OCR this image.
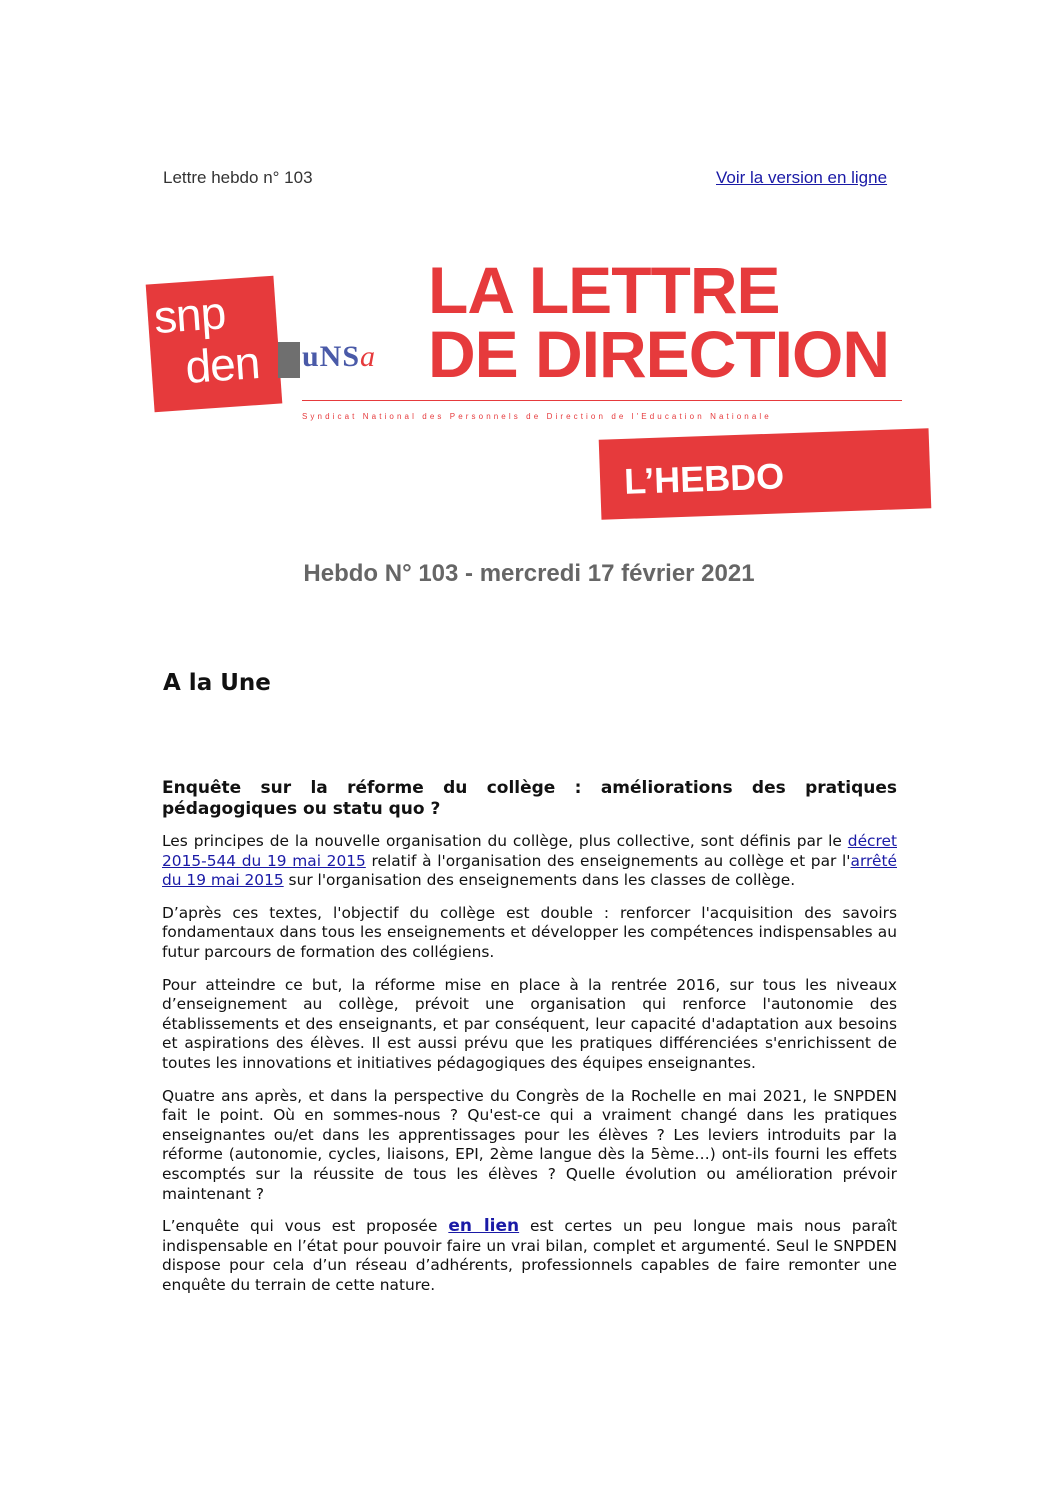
Lettre hebdo n° 103	Voir la version en ligne
snp
den uNSa
LA LETTRE
DE DIRECTION
Syndicat National des Personnels de Direction de l'Education Nationale
L’HEBDO
Hebdo N° 103 - mercredi 17 février 2021
A la Une
Enquête sur la réforme du collège : améliorations des pratiques pédagogiques ou statu quo ?

Les principes de la nouvelle organisation du collège, plus collective, sont définis par le décret 2015-544 du 19 mai 2015 relatif à l'organisation des enseignements au collège et par l'arrêté du 19 mai 2015 sur l'organisation des enseignements dans les classes de collège.

D’après ces textes, l'objectif du collège est double : renforcer l'acquisition des savoirs fondamentaux dans tous les enseignements et développer les compétences indispensables au futur parcours de formation des collégiens.

Pour atteindre ce but, la réforme mise en place à la rentrée 2016, sur tous les niveaux d’enseignement au collège, prévoit une organisation qui renforce l'autonomie des établissements et des enseignants, et par conséquent, leur capacité d'adaptation aux besoins et aspirations des élèves. Il est aussi prévu que les pratiques différenciées s'enrichissent de toutes les innovations et initiatives pédagogiques des équipes enseignantes.

Quatre ans après, et dans la perspective du Congrès de la Rochelle en mai 2021, le SNPDEN fait le point. Où en sommes-nous ? Qu'est-ce qui a vraiment changé dans les pratiques enseignantes ou/et dans les apprentissages pour les élèves ? Les leviers introduits par la réforme (autonomie, cycles, liaisons, EPI, 2ème langue dès la 5ème…) ont-ils fourni les effets escomptés sur la réussite de tous les élèves ? Quelle évolution ou amélioration prévoir maintenant ?

L’enquête qui vous est proposée en lien est certes un peu longue mais nous paraît indispensable en l’état pour pouvoir faire un vrai bilan, complet et argumenté. Seul le SNPDEN dispose pour cela d’un réseau d’adhérents, professionnels capables de faire remonter une enquête du terrain de cette nature.
